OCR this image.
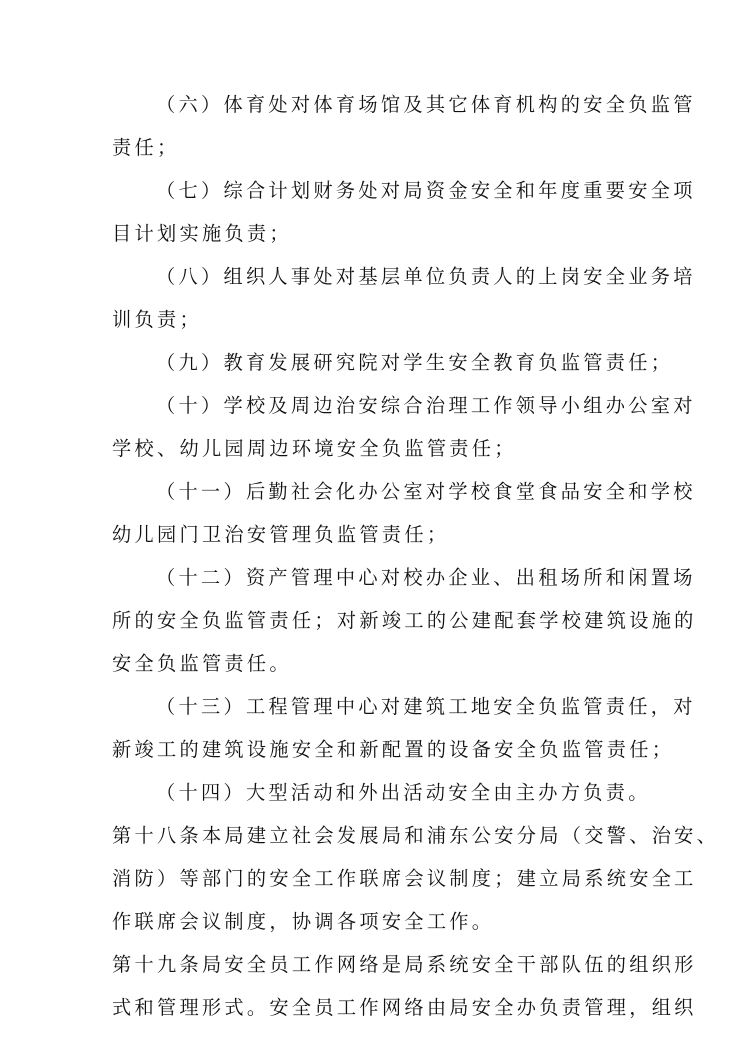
（六）体育处对体育场馆及其它体育机构的安全负监管
责任；
（七）综合计划财务处对局资金安全和年度重要安全项
目计划实施负责；
（八）组织人事处对基层单位负责人的上岗安全业务培
训负责；
（九）教育发展研究院对学生安全教育负监管责任；
（十）学校及周边治安综合治理工作领导小组办公室对
学校、幼儿园周边环境安全负监管责任；
（十一）后勤社会化办公室对学校食堂食品安全和学校
幼儿园门卫治安管理负监管责任；
（十二）资产管理中心对校办企业、出租场所和闲置场
所的安全负监管责任；对新竣工的公建配套学校建筑设施的
安全负监管责任。
（十三）工程管理中心对建筑工地安全负监管责任，对
新竣工的建筑设施安全和新配置的设备安全负监管责任；
（十四）大型活动和外出活动安全由主办方负责。
第十八条本局建立社会发展局和浦东公安分局（交警、治安、
消防）等部门的安全工作联席会议制度；建立局系统安全工
作联席会议制度，协调各项安全工作。
第十九条局安全员工作网络是局系统安全干部队伍的组织形
式和管理形式。安全员工作网络由局安全办负责管理，组织
